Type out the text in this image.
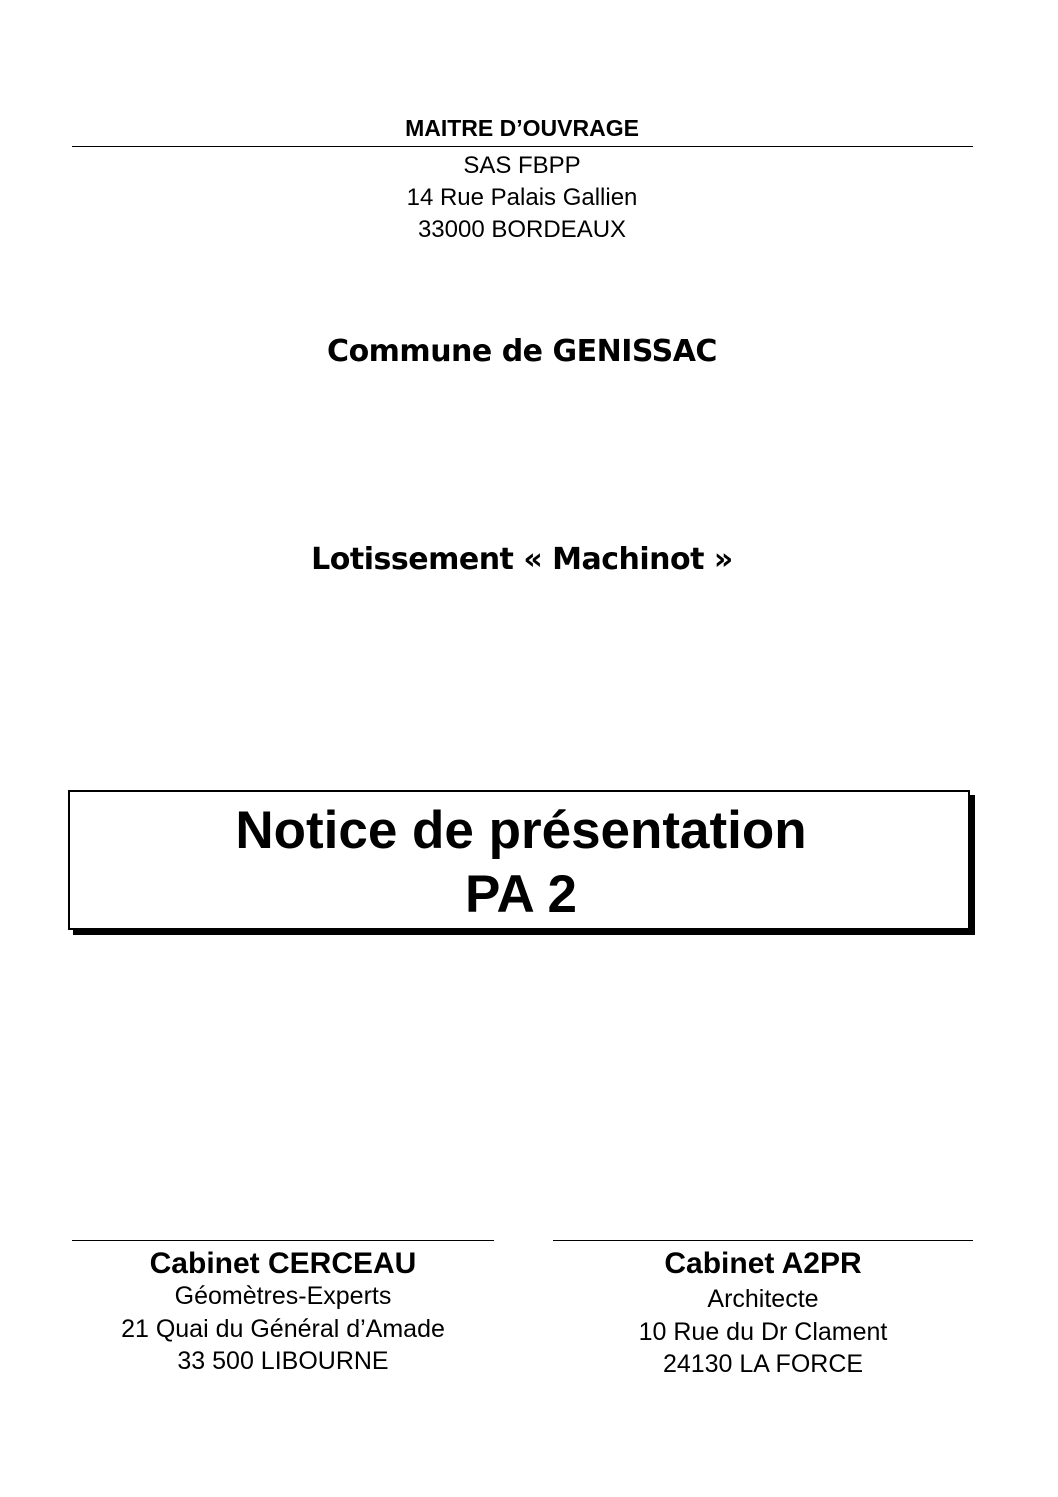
MAITRE D’OUVRAGE
SAS FBPP
14 Rue Palais Gallien
33000 BORDEAUX
Commune de GENISSAC
Lotissement « Machinot »
Notice de présentation
PA 2
Cabinet CERCEAU
Géomètres-Experts
21 Quai du Général d’Amade
33 500 LIBOURNE
Cabinet A2PR
Architecte
10 Rue du Dr Clament
24130 LA FORCE
